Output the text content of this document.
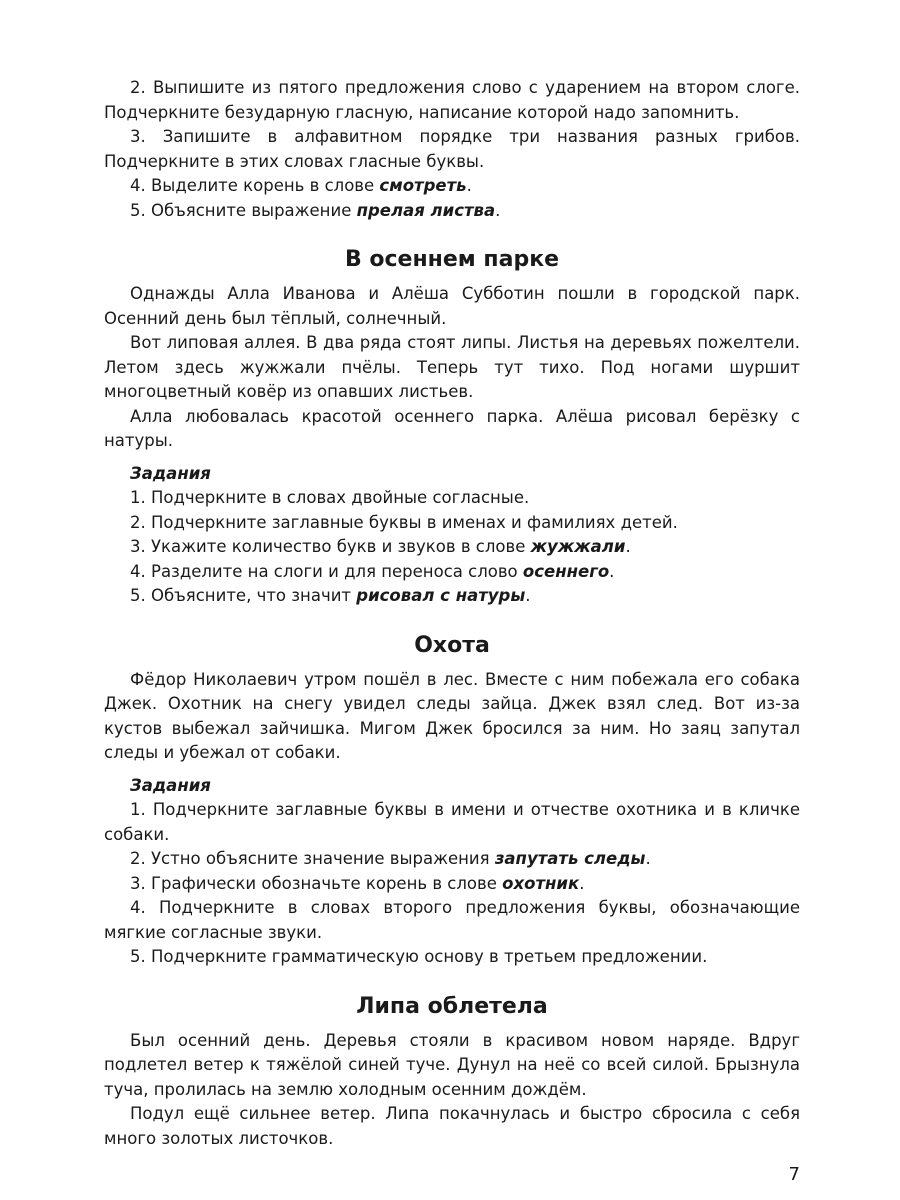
2. Выпишите из пятого предложения слово с ударением на втором слоге. Подчеркните безударную гласную, написание которой надо запомнить.

3. Запишите в алфавитном порядке три названия разных грибов. Подчеркните в этих словах гласные буквы.

4. Выделите корень в слове смотреть.

5. Объясните выражение прелая листва.

В осеннем парке

Однажды Алла Иванова и Алёша Субботин пошли в городской парк. Осенний день был тёплый, солнечный.

Вот липовая аллея. В два ряда стоят липы. Листья на деревьях пожелтели. Летом здесь жужжали пчёлы. Теперь тут тихо. Под ногами шуршит многоцветный ковёр из опавших листьев.

Алла любовалась красотой осеннего парка. Алёша рисовал берёзку с натуры.

Задания

1. Подчеркните в словах двойные согласные.

2. Подчеркните заглавные буквы в именах и фамилиях детей.

3. Укажите количество букв и звуков в слове жужжали.

4. Разделите на слоги и для переноса слово осеннего.

5. Объясните, что значит рисовал с натуры.

Охота

Фёдор Николаевич утром пошёл в лес. Вместе с ним побежала его собака Джек. Охотник на снегу увидел следы зайца. Джек взял след. Вот из-за кустов выбежал зайчишка. Мигом Джек бросился за ним. Но заяц запутал следы и убежал от собаки.

Задания

1. Подчеркните заглавные буквы в имени и отчестве охотника и в кличке собаки.

2. Устно объясните значение выражения запутать следы.

3. Графически обозначьте корень в слове охотник.

4. Подчеркните в словах второго предложения буквы, обозначающие мягкие согласные звуки.

5. Подчеркните грамматическую основу в третьем предложении.

Липа облетела

Был осенний день. Деревья стояли в красивом новом наряде. Вдруг подлетел ветер к тяжёлой синей туче. Дунул на неё со всей силой. Брызнула туча, пролилась на землю холодным осенним дождём.

Подул ещё сильнее ветер. Липа покачнулась и быстро сбросила с себя много золотых листочков.

7
